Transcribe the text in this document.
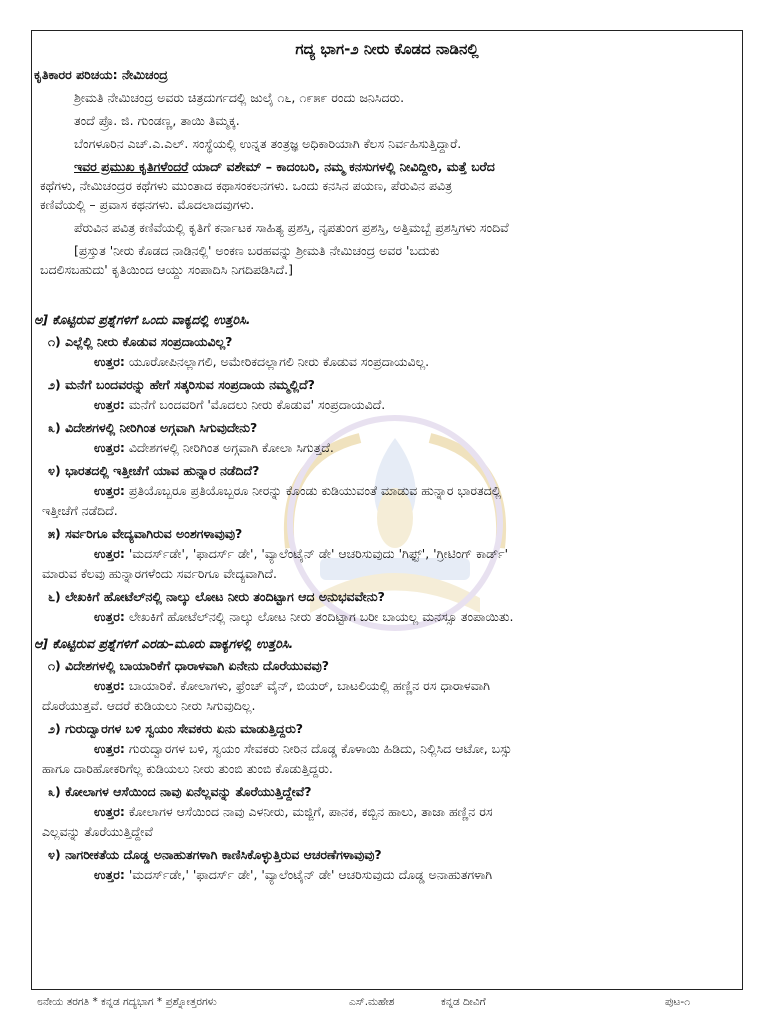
ಗದ್ಯ ಭಾಗ-೨ ನೀರು ಕೊಡದ ನಾಡಿನಲ್ಲಿ
ಕೃತಿಕಾರರ ಪರಿಚಯ: ನೇಮಿಚಂದ್ರ
ಶ್ರೀಮತಿ ನೇಮಿಚಂದ್ರ ಅವರು ಚಿತ್ರದುರ್ಗದಲ್ಲಿ ಜುಲೈ ೧೬, ೧೯೫೯ ರಂದು ಜನಿಸಿದರು.
ತಂದೆ ಪ್ರೊ. ಜಿ. ಗುಂಡಣ್ಣ, ತಾಯಿ ತಿಮ್ಮಕ್ಕ.
ಬೆಂಗಳೂರಿನ ಎಚ್.ಎ.ಎಲ್. ಸಂಸ್ಥೆಯಲ್ಲಿ ಉನ್ನತ ತಂತ್ರಜ್ಞ ಅಧಿಕಾರಿಯಾಗಿ ಕೆಲಸ ನಿರ್ವಹಿಸುತ್ತಿದ್ದಾರೆ.
ಇವರ ಪ್ರಮುಖ ಕೃತಿಗಳೆಂದರೆ ಯಾದ್ ವಶೇಮ್ – ಕಾದಂಬರಿ, ನಮ್ಮ ಕನಸುಗಳಲ್ಲಿ ನೀವಿದ್ದೀರಿ, ಮತ್ತೆ ಬರೆದ
ಕಥೆಗಳು, ನೇಮಿಚಂದ್ರರ ಕಥೆಗಳು ಮುಂತಾದ ಕಥಾಸಂಕಲನಗಳು. ಒಂದು ಕನಸಿನ ಪಯಣ, ಪೆರುವಿನ ಪವಿತ್ರ
ಕಣಿವೆಯಲ್ಲಿ – ಪ್ರವಾಸ ಕಥನಗಳು. ಮೊದಲಾದವುಗಳು.
ಪೆರುವಿನ ಪವಿತ್ರ ಕಣಿವೆಯಲ್ಲಿ ಕೃತಿಗೆ ಕರ್ನಾಟಕ ಸಾಹಿತ್ಯ ಪ್ರಶಸ್ತಿ, ನೃಪತುಂಗ ಪ್ರಶಸ್ತಿ, ಅತ್ತಿಮಬ್ಬೆ ಪ್ರಶಸ್ತಿಗಳು ಸಂದಿವೆ
[ಪ್ರಸ್ತುತ 'ನೀರು ಕೊಡದ ನಾಡಿನಲ್ಲಿ' ಅಂಕಣ ಬರಹವನ್ನು ಶ್ರೀಮತಿ ನೇಮಿಚಂದ್ರ ಅವರ 'ಬದುಕು
ಬದಲಿಸಬಹುದು' ಕೃತಿಯಿಂದ ಆಯ್ದು ಸಂಪಾದಿಸಿ ನಿಗದಿಪಡಿಸಿದೆ.]
ಅ] ಕೊಟ್ಟಿರುವ ಪ್ರಶ್ನೆಗಳಿಗೆ ಒಂದು ವಾಕ್ಯದಲ್ಲಿ ಉತ್ತರಿಸಿ.
೧) ಎಲ್ಲೆಲ್ಲಿ ನೀರು ಕೊಡುವ ಸಂಪ್ರದಾಯವಿಲ್ಲ?
ಉತ್ತರ: ಯೂರೋಪಿನಲ್ಲಾಗಲಿ, ಅಮೇರಿಕದಲ್ಲಾಗಲಿ ನೀರು ಕೊಡುವ ಸಂಪ್ರದಾಯವಿಲ್ಲ.
೨) ಮನೆಗೆ ಬಂದವರನ್ನು ಹೇಗೆ ಸತ್ಕರಿಸುವ ಸಂಪ್ರದಾಯ ನಮ್ಮಲ್ಲಿದೆ?
ಉತ್ತರ: ಮನೆಗೆ ಬಂದವರಿಗೆ 'ಮೊದಲು ನೀರು ಕೊಡುವ' ಸಂಪ್ರದಾಯವಿದೆ.
೩) ವಿದೇಶಗಳಲ್ಲಿ ನೀರಿಗಿಂತ ಅಗ್ಗವಾಗಿ ಸಿಗುವುದೇನು?
ಉತ್ತರ: ವಿದೇಶಗಳಲ್ಲಿ ನೀರಿಗಿಂತ ಅಗ್ಗವಾಗಿ ಕೋಲಾ ಸಿಗುತ್ತದೆ.
೪) ಭಾರತದಲ್ಲಿ ಇತ್ತೀಚೆಗೆ ಯಾವ ಹುನ್ನಾರ ನಡೆದಿದೆ?
ಉತ್ತರ: ಪ್ರತಿಯೊಬ್ಬರೂ ಪ್ರತಿಯೊಬ್ಬರೂ ನೀರನ್ನು ಕೊಂಡು ಕುಡಿಯುವಂತೆ ಮಾಡುವ ಹುನ್ನಾರ ಭಾರತದಲ್ಲಿ
ಇತ್ತೀಚೆಗೆ ನಡೆದಿದೆ.
೫) ಸರ್ವರಿಗೂ ವೇದ್ಯವಾಗಿರುವ ಅಂಶಗಳಾವುವು?
ಉತ್ತರ: 'ಮದರ್ಸ್‌ಡೇ', 'ಫಾದರ್ಸ್ ಡೇ', 'ವ್ಯಾಲೆಂಟೈನ್ ಡೇ' ಆಚರಿಸುವುದು 'ಗಿಫ್ಟ್', 'ಗ್ರೀಟಿಂಗ್ ಕಾರ್ಡ್'
ಮಾರುವ ಕೆಲವು ಹುನ್ನಾರಗಳೆಂದು ಸರ್ವರಿಗೂ ವೇದ್ಯವಾಗಿದೆ.
೬) ಲೇಖಕಿಗೆ ಹೋಟೆಲ್‌ನಲ್ಲಿ ನಾಲ್ಕು ಲೋಟ ನೀರು ತಂದಿಟ್ಟಾಗ ಆದ ಅನುಭವವೇನು?
ಉತ್ತರ: ಲೇಖಕಿಗೆ ಹೋಟೆಲ್‌ನಲ್ಲಿ ನಾಲ್ಕು ಲೋಟ ನೀರು ತಂದಿಟ್ಟಾಗ ಬರೀ ಬಾಯಲ್ಲ ಮನಸ್ಸೂ ತಂಪಾಯಿತು.
ಆ] ಕೊಟ್ಟಿರುವ ಪ್ರಶ್ನೆಗಳಿಗೆ ಎರಡು–ಮೂರು ವಾಕ್ಯಗಳಲ್ಲಿ ಉತ್ತರಿಸಿ.
೧) ವಿದೇಶಗಳಲ್ಲಿ ಬಾಯಾರಿಕೆಗೆ ಧಾರಾಳವಾಗಿ ಏನೇನು ದೊರೆಯುವವು?
ಉತ್ತರ: ಬಾಯಾರಿಕೆ. ಕೋಲಾಗಳು, ಫ್ರೆಂಚ್ ವೈನ್, ಬಿಯರ್, ಬಾಟಲಿಯಲ್ಲಿ ಹಣ್ಣಿನ ರಸ ಧಾರಾಳವಾಗಿ
ದೊರೆಯುತ್ತವೆ. ಆದರೆ ಕುಡಿಯಲು ನೀರು ಸಿಗುವುದಿಲ್ಲ.
೨) ಗುರುದ್ವಾರಗಳ ಬಳಿ ಸ್ವಯಂ ಸೇವಕರು ಏನು ಮಾಡುತ್ತಿದ್ದರು?
ಉತ್ತರ: ಗುರುದ್ವಾರಗಳ ಬಳಿ, ಸ್ವಯಂ ಸೇವಕರು ನೀರಿನ ದೊಡ್ಡ ಕೊಳಾಯಿ ಹಿಡಿದು, ನಿಲ್ಲಿಸಿದ ಆಟೋ, ಬಸ್ಸು
ಹಾಗೂ ದಾರಿಹೋಕರಿಗೆಲ್ಲ ಕುಡಿಯಲು ನೀರು ತುಂಬಿ ತುಂಬಿ ಕೊಡುತ್ತಿದ್ದರು.
೩) ಕೋಲಾಗಳ ಆಸೆಯಿಂದ ನಾವು ಏನೆಲ್ಲವನ್ನು ತೊರೆಯುತ್ತಿದ್ದೇವೆ?
ಉತ್ತರ: ಕೋಲಾಗಳ ಆಸೆಯಿಂದ ನಾವು ಎಳನೀರು, ಮಜ್ಜಿಗೆ, ಪಾನಕ, ಕಬ್ಬಿನ ಹಾಲು, ತಾಜಾ ಹಣ್ಣಿನ ರಸ
ಎಲ್ಲವನ್ನು ತೊರೆಯುತ್ತಿದ್ದೇವೆ
೪) ನಾಗರೀಕತೆಯ ದೊಡ್ಡ ಅನಾಹುತಗಳಾಗಿ ಕಾಣಿಸಿಕೊಳ್ಳುತ್ತಿರುವ ಆಚರಣೆಗಳಾವುವು?
ಉತ್ತರ: 'ಮದರ್ಸ್‌ಡೇ,' 'ಫಾದರ್ಸ್ ಡೇ', 'ವ್ಯಾಲೆಂಟೈನ್ ಡೇ' ಆಚರಿಸುವುದು ದೊಡ್ಡ ಅನಾಹುತಗಳಾಗಿ
೮ನೇಯ ತರಗತಿ * ಕನ್ನಡ ಗದ್ಯಭಾಗ * ಪ್ರಶ್ನೋತ್ತರಗಳು	ಎಸ್.ಮಹೇಶ	ಕನ್ನಡ ದೀವಿಗೆ	ಪುಟ-೧
